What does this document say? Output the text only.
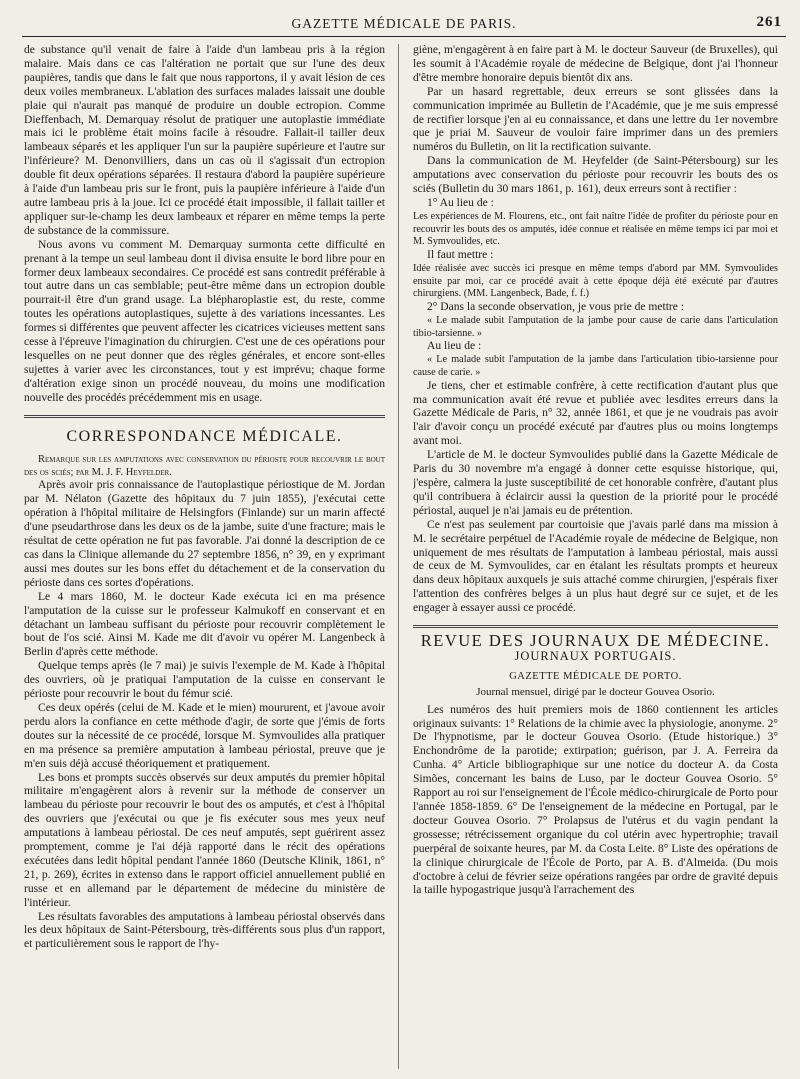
GAZETTE MÉDICALE DE PARIS.	261

de substance qu'il venait de faire à l'aide d'un lambeau pris à la région malaire. Mais dans ce cas l'altération ne portait que sur l'une des deux paupières, tandis que dans le fait que nous rapportons, il y avait lésion de ces deux voiles membraneux. L'ablation des surfaces malades laissait une double plaie qui n'aurait pas manqué de produire un double ectropion. Comme Dieffenbach, M. Demarquay résolut de pratiquer une autoplastie immédiate mais ici le problème était moins facile à résoudre. Fallait-il tailler deux lambeaux séparés et les appliquer l'un sur la paupière supérieure et l'autre sur l'inférieure? M. Denonvilliers, dans un cas où il s'agissait d'un ectropion double fit deux opérations séparées. Il restaura d'abord la paupière supérieure à l'aide d'un lambeau pris sur le front, puis la paupière inférieure à l'aide d'un autre lambeau pris à la joue. Ici ce procédé était impossible, il fallait tailler et appliquer sur-le-champ les deux lambeaux et réparer en même temps la perte de substance de la commissure.

Nous avons vu comment M. Demarquay surmonta cette difficulté en prenant à la tempe un seul lambeau dont il divisa ensuite le bord libre pour en former deux lambeaux secondaires. Ce procédé est sans contredit préférable à tout autre dans un cas semblable; peut-être même dans un ectropion double pourrait-il être d'un grand usage. La blépharoplastie est, du reste, comme toutes les opérations autoplastiques, sujette à des variations incessantes. Les formes si différentes que peuvent affecter les cicatrices vicieuses mettent sans cesse à l'épreuve l'imagination du chirurgien. C'est une de ces opérations pour lesquelles on ne peut donner que des règles générales, et encore sont-elles sujettes à varier avec les circonstances, tout y est imprévu; chaque forme d'altération exige sinon un procédé nouveau, du moins une modification nouvelle des procédés précédemment mis en usage.

CORRESPONDANCE MÉDICALE.

Remarque sur les amputations avec conservation du périoste pour recouvrir le bout des os sciés; par M. J. F. Heyfelder.

Après avoir pris connaissance de l'autoplastique périostique de M. Jordan par M. Nélaton (Gazette des hôpitaux du 7 juin 1855), j'exécutai cette opération à l'hôpital militaire de Helsingfors (Finlande) sur un marin affecté d'une pseudarthrose dans les deux os de la jambe, suite d'une fracture; mais le résultat de cette opération ne fut pas favorable. J'ai donné la description de ce cas dans la Clinique allemande du 27 septembre 1856, n° 39, en y exprimant aussi mes doutes sur les bons effet du détachement et de la conservation du périoste dans ces sortes d'opérations.

Le 4 mars 1860, M. le docteur Kade exécuta ici en ma présence l'amputation de la cuisse sur le professeur Kalmukoff en conservant et en détachant un lambeau suffisant du périoste pour recouvrir complètement le bout de l'os scié. Ainsi M. Kade me dit d'avoir vu opérer M. Langenbeck à Berlin d'après cette méthode.

Quelque temps après (le 7 mai) je suivis l'exemple de M. Kade à l'hôpital des ouvriers, où je pratiquai l'amputation de la cuisse en conservant le périoste pour recouvrir le bout du fémur scié.

Ces deux opérés (celui de M. Kade et le mien) moururent, et j'avoue avoir perdu alors la confiance en cette méthode d'agir, de sorte que j'émis de forts doutes sur la nécessité de ce procédé, lorsque M. Symvoulides alla pratiquer en ma présence sa première amputation à lambeau périostal, preuve que je m'en suis déjà accusé théoriquement et pratiquement.

Les bons et prompts succès observés sur deux amputés du premier hôpital militaire m'engagèrent alors à revenir sur la méthode de conserver un lambeau du périoste pour recouvrir le bout des os amputés, et c'est à l'hôpital des ouvriers que j'exécutai ou que je fis exécuter sous mes yeux neuf amputations à lambeau périostal. De ces neuf amputés, sept guérirent assez promptement, comme je l'ai déjà rapporté dans le récit des opérations exécutées dans ledit hôpital pendant l'année 1860 (Deutsche Klinik, 1861, n° 21, p. 269), écrites in extenso dans le rapport officiel annuellement publié en russe et en allemand par le département de médecine du ministère de l'intérieur.

Les résultats favorables des amputations à lambeau périostal observés dans les deux hôpitaux de Saint-Pétersbourg, très-différents sous plus d'un rapport, et particulièrement sous le rapport de l'hy-

giène, m'engagèrent à en faire part à M. le docteur Sauveur (de Bruxelles), qui les soumit à l'Académie royale de médecine de Belgique, dont j'ai l'honneur d'être membre honoraire depuis bientôt dix ans.

Par un hasard regrettable, deux erreurs se sont glissées dans la communication imprimée au Bulletin de l'Académie, que je me suis empressé de rectifier lorsque j'en ai eu connaissance, et dans une lettre du 1er novembre que je priai M. Sauveur de vouloir faire imprimer dans un des premiers numéros du Bulletin, on lit la rectification suivante.

Dans la communication de M. Heyfelder (de Saint-Pétersbourg) sur les amputations avec conservation du périoste pour recouvrir les bouts des os sciés (Bulletin du 30 mars 1861, p. 161), deux erreurs sont à rectifier :

1° Au lieu de :

Les expériences de M. Flourens, etc., ont fait naître l'idée de profiter du périoste pour en recouvrir les bouts des os amputés, idée connue et réalisée en même temps ici par moi et M. Symvoulides, etc.

Il faut mettre :

Idée réalisée avec succès ici presque en même temps d'abord par MM. Symvoulides ensuite par moi, car ce procédé avait à cette époque déjà été exécuté par d'autres chirurgiens. (MM. Langenbeck, Bade, f. f.)

2° Dans la seconde observation, je vous prie de mettre :

« Le malade subit l'amputation de la jambe pour cause de carie dans l'articulation tibio-tarsienne. »

Au lieu de :

« Le malade subit l'amputation de la jambe dans l'articulation tibio-tarsienne pour cause de carie. »

Je tiens, cher et estimable confrère, à cette rectification d'autant plus que ma communication avait été revue et publiée avec lesdites erreurs dans la Gazette Médicale de Paris, n° 32, année 1861, et que je ne voudrais pas avoir l'air d'avoir conçu un procédé exécuté par d'autres plus ou moins longtemps avant moi.

L'article de M. le docteur Symvoulides publié dans la Gazette Médicale de Paris du 30 novembre m'a engagé à donner cette esquisse historique, qui, j'espère, calmera la juste susceptibilité de cet honorable confrère, d'autant plus qu'il contribuera à éclaircir aussi la question de la priorité pour le procédé périostal, auquel je n'ai jamais eu de prétention.

Ce n'est pas seulement par courtoisie que j'avais parlé dans ma mission à M. le secrétaire perpétuel de l'Académie royale de médecine de Belgique, non uniquement de mes résultats de l'amputation à lambeau périostal, mais aussi de ceux de M. Symvoulides, car en étalant les résultats prompts et heureux dans deux hôpitaux auxquels je suis attaché comme chirurgien, j'espérais fixer l'attention des confrères belges à un plus haut degré sur ce sujet, et de les engager à essayer aussi ce procédé.

REVUE DES JOURNAUX DE MÉDECINE.
JOURNAUX PORTUGAIS.
GAZETTE MÉDICALE DE PORTO.

Journal mensuel, dirigé par le docteur Gouvea Osorio.

Les numéros des huit premiers mois de 1860 contiennent les articles originaux suivants: 1° Relations de la chimie avec la physiologie, anonyme. 2° De l'hypnotisme, par le docteur Gouvea Osorio. (Etude historique.) 3° Enchondrôme de la parotide; extirpation; guérison, par J. A. Ferreira da Cunha. 4° Article bibliographique sur une notice du docteur A. da Costa Simões, concernant les bains de Luso, par le docteur Gouvea Osorio. 5° Rapport au roi sur l'enseignement de l'École médico-chirurgicale de Porto pour l'année 1858-1859. 6° De l'enseignement de la médecine en Portugal, par le docteur Gouvea Osorio. 7° Prolapsus de l'utérus et du vagin pendant la grossesse; rétrécissement organique du col utérin avec hypertrophie; travail puerpéral de soixante heures, par M. da Costa Leite. 8° Liste des opérations de la clinique chirurgicale de l'École de Porto, par A. B. d'Almeida. (Du mois d'octobre à celui de février seize opérations rangées par ordre de gravité depuis la taille hypogastrique jusqu'à l'arrachement des
